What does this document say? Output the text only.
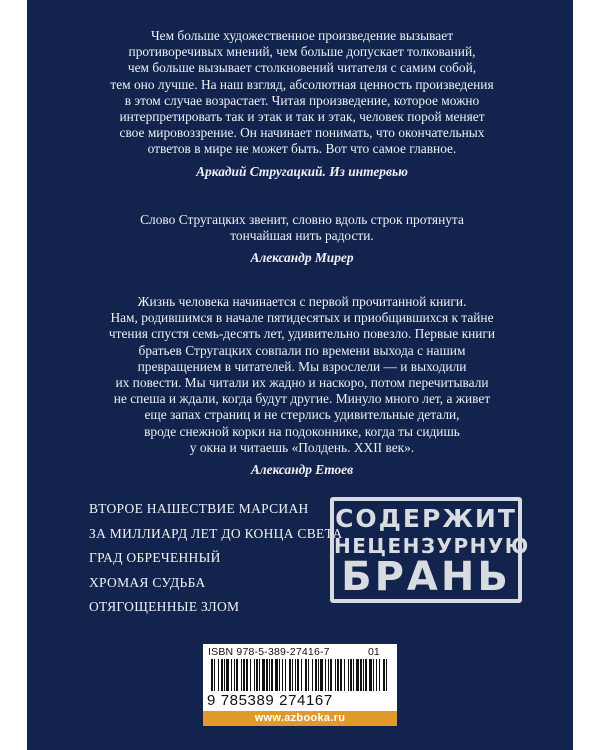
Чем больше художественное произведение вызывает
противоречивых мнений, чем больше допускает толкований,
чем больше вызывает столкновений читателя с самим собой,
тем оно лучше. На наш взгляд, абсолютная ценность произведения
в этом случае возрастает. Читая произведение, которое можно
интерпретировать так и этак и так и этак, человек порой меняет
свое мировоззрение. Он начинает понимать, что окончательных
ответов в мире не может быть. Вот что самое главное.

Аркадий Стругацкий. Из интервью

Слово Стругацких звенит, словно вдоль строк протянута
тончайшая нить радости.

Александр Мирер

Жизнь человека начинается с первой прочитанной книги.
Нам, родившимся в начале пятидесятых и приобщившихся к тайне
чтения спустя семь-десять лет, удивительно повезло. Первые книги
братьев Стругацких совпали по времени выхода с нашим
превращением в читателей. Мы взрослели — и выходили
их повести. Мы читали их жадно и наскоро, потом перечитывали
не спеша и ждали, когда будут другие. Минуло много лет, а живет
еще запах страниц и не стерлись удивительные детали,
вроде снежной корки на подоконнике, когда ты сидишь
у окна и читаешь «Полдень. XXII век».

Александр Етоев

ВТОРОЕ НАШЕСТВИЕ МАРСИАН
ЗА МИЛЛИАРД ЛЕТ ДО КОНЦА СВЕТА
ГРАД ОБРЕЧЕННЫЙ
ХРОМАЯ СУДЬБА
ОТЯГОЩЕННЫЕ ЗЛОМ
СОДЕРЖИТ
НЕЦЕНЗУРНУЮ
БРАНЬ
ISBN 978-5-389-27416-7	01
9 785389 274167
www.azbooka.ru
